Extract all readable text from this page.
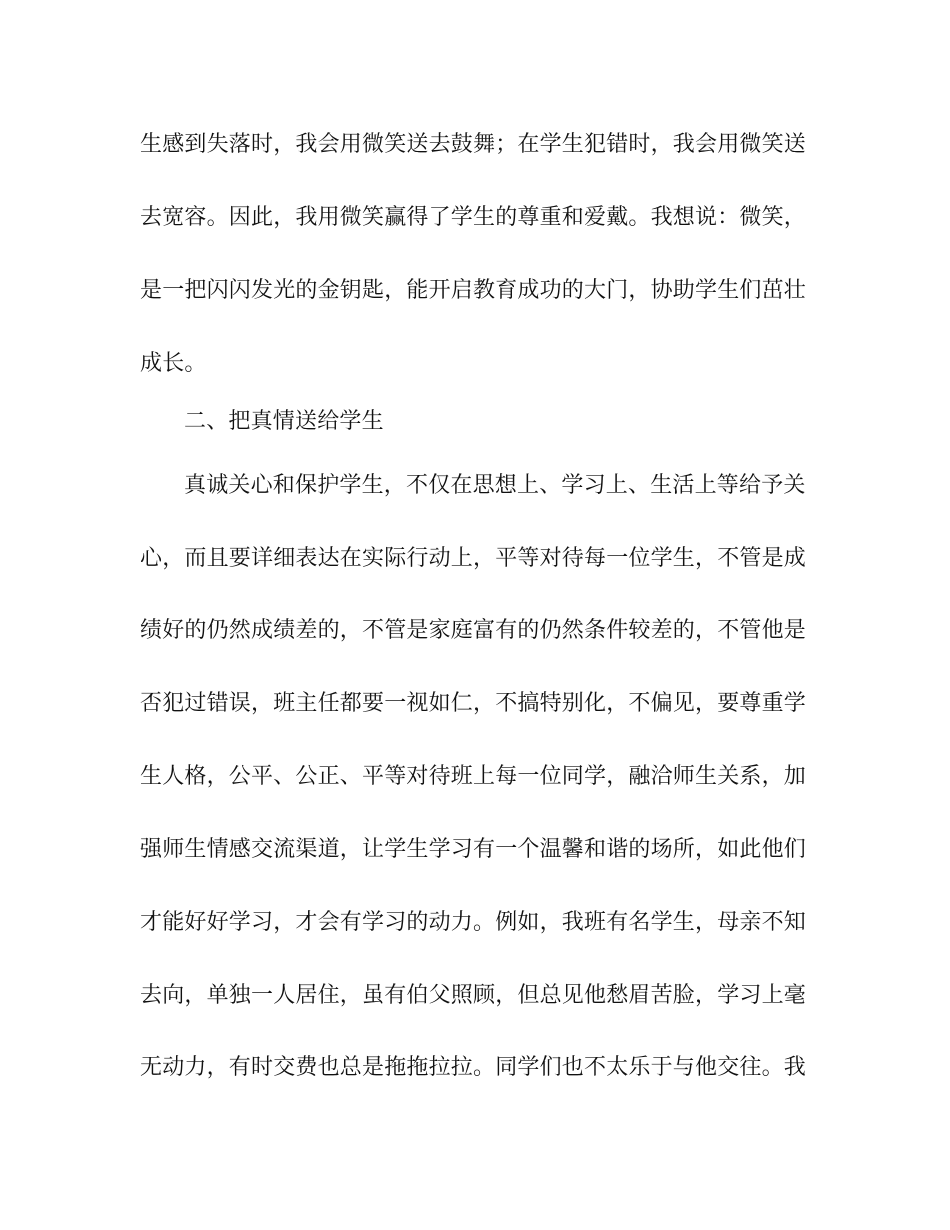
生感到失落时，我会用微笑送去鼓舞；在学生犯错时，我会用微笑送
去宽容。因此，我用微笑赢得了学生的尊重和爱戴。我想说：微笑，
是一把闪闪发光的金钥匙，能开启教育成功的大门，协助学生们茁壮
成长。
二、把真情送给学生
真诚关心和保护学生，不仅在思想上、学习上、生活上等给予关
心，而且要详细表达在实际行动上，平等对待每一位学生，不管是成
绩好的仍然成绩差的，不管是家庭富有的仍然条件较差的，不管他是
否犯过错误，班主任都要一视如仁，不搞特别化，不偏见，要尊重学
生人格，公平、公正、平等对待班上每一位同学，融洽师生关系，加
强师生情感交流渠道，让学生学习有一个温馨和谐的场所，如此他们
才能好好学习，才会有学习的动力。例如，我班有名学生，母亲不知
去向，单独一人居住，虽有伯父照顾，但总见他愁眉苦脸，学习上毫
无动力，有时交费也总是拖拖拉拉。同学们也不太乐于与他交往。我
